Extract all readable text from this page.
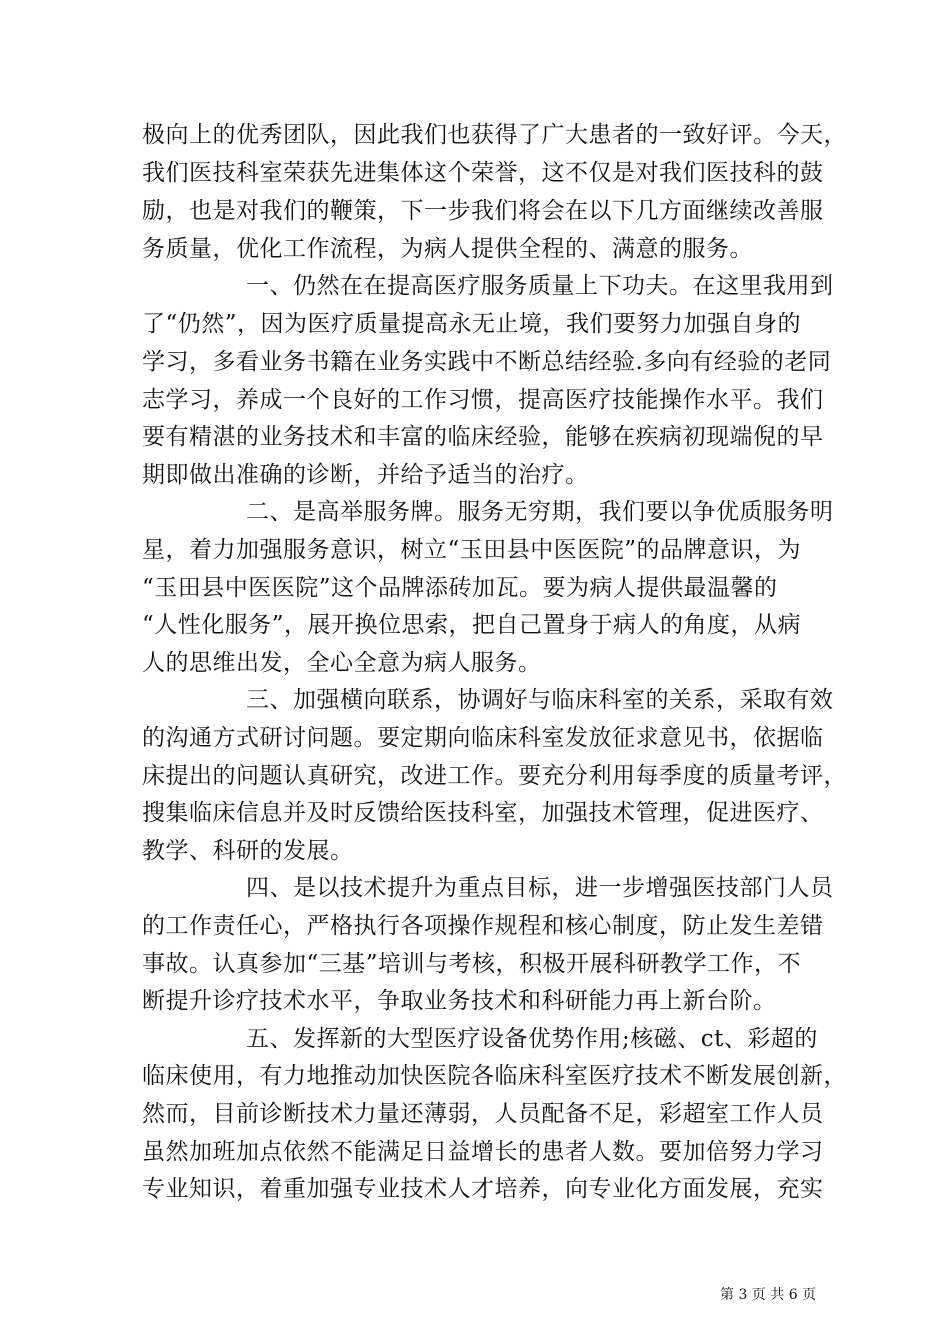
极向上的优秀团队，因此我们也获得了广大患者的一致好评。今天，
我们医技科室荣获先进集体这个荣誉，这不仅是对我们医技科的鼓
励，也是对我们的鞭策，下一步我们将会在以下几方面继续改善服
务质量，优化工作流程，为病人提供全程的、满意的服务。
一、仍然在在提高医疗服务质量上下功夫。在这里我用到
了“仍然”，因为医疗质量提高永无止境，我们要努力加强自身的
学习，多看业务书籍在业务实践中不断总结经验.多向有经验的老同
志学习，养成一个良好的工作习惯，提高医疗技能操作水平。我们
要有精湛的业务技术和丰富的临床经验，能够在疾病初现端倪的早
期即做出准确的诊断，并给予适当的治疗。
二、是高举服务牌。服务无穷期，我们要以争优质服务明
星，着力加强服务意识，树立“玉田县中医医院”的品牌意识，为
“玉田县中医医院”这个品牌添砖加瓦。要为病人提供最温馨的
“人性化服务”，展开换位思索，把自己置身于病人的角度，从病
人的思维出发，全心全意为病人服务。
三、加强横向联系，协调好与临床科室的关系，采取有效
的沟通方式研讨问题。要定期向临床科室发放征求意见书，依据临
床提出的问题认真研究，改进工作。要充分利用每季度的质量考评，
搜集临床信息并及时反馈给医技科室，加强技术管理，促进医疗、
教学、科研的发展。
四、是以技术提升为重点目标，进一步增强医技部门人员
的工作责任心，严格执行各项操作规程和核心制度，防止发生差错
事故。认真参加“三基”培训与考核，积极开展科研教学工作，不
断提升诊疗技术水平，争取业务技术和科研能力再上新台阶。
五、发挥新的大型医疗设备优势作用;核磁、ct、彩超的
临床使用，有力地推动加快医院各临床科室医疗技术不断发展创新，
然而，目前诊断技术力量还薄弱，人员配备不足，彩超室工作人员
虽然加班加点依然不能满足日益增长的患者人数。要加倍努力学习
专业知识，着重加强专业技术人才培养，向专业化方面发展，充实
第 3 页 共 6 页
